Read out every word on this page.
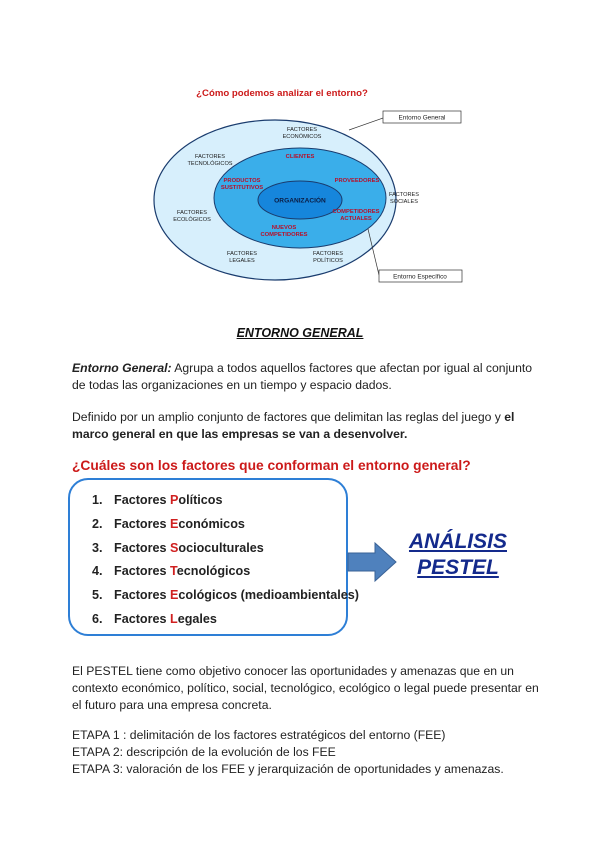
¿Cómo podemos analizar el entorno?
ORGANIZACIÓN
FACTORES
ECONÓMICOS
FACTORES
TECNOLÓGICOS
FACTORES
ECOLÓGICOS
FACTORES
SOCIALES
FACTORES
LEGALES
FACTORES
POLÍTICOS
CLIENTES
PRODUCTOS
SUSTITUTIVOS
PROVEEDORES
COMPETIDORES
ACTUALES
NUEVOS
COMPETIDORES
Entorno General
Entorno Específico
ENTORNO GENERAL
Entorno General: Agrupa a todos aquellos factores que afectan por igual al conjunto de todas las organizaciones en un tiempo y espacio dados.
Definido por un amplio conjunto de factores que delimitan las reglas del juego y el marco general en que las empresas se van a desenvolver.
¿Cuáles son los factores que conforman el entorno general?
1. Factores Políticos
2. Factores Económicos
3. Factores Socioculturales
4. Factores Tecnológicos
5. Factores Ecológicos (medioambientales)
6. Factores Legales
ANÁLISIS
PESTEL
El PESTEL tiene como objetivo conocer las oportunidades y amenazas que en un contexto económico, político, social, tecnológico, ecológico o legal puede presentar en el futuro para una empresa concreta.
ETAPA 1 : delimitación de los factores estratégicos del entorno (FEE)
ETAPA 2: descripción de la evolución de los FEE
ETAPA 3: valoración de los FEE y jerarquización de oportunidades y amenazas.
